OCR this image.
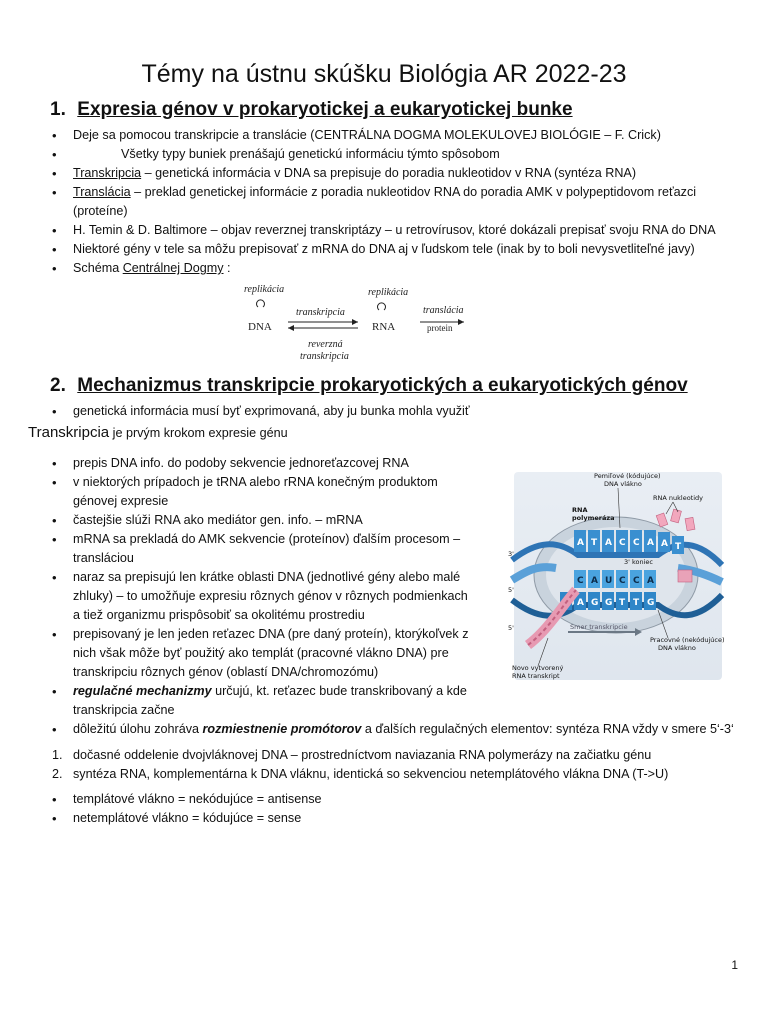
Témy na ústnu skúšku Biológia AR 2022-23
1. Expresia génov v prokaryotickej a eukaryotickej bunke
• Deje sa pomocou transkripcie a translácie (CENTRÁLNA DOGMA MOLEKULOVEJ BIOLÓGIE – F. Crick)
• Všetky typy buniek prenášajú genetickú informáciu týmto spôsobom
• Transkripcia – genetická informácia v DNA sa prepisuje do poradia nukleotidov v RNA (syntéza RNA)
• Translácia – preklad genetickej informácie z poradia nukleotidov RNA do poradia AMK v polypeptidovom reťazci (proteíne)
• H. Temin & D. Baltimore – objav reverznej transkriptázy – u retrovírusov, ktoré dokázali prepisať svoju RNA do DNA
• Niektoré gény v tele sa môžu prepisovať z mRNA do DNA aj v ľudskom tele (inak by to boli nevysvetliteľné javy)
• Schéma Centrálnej Dogmy :
replikácia	replikácia
transkripcia	translácia
reverzná
transkripcia
DNA	RNA	protein
2. Mechanizmus transkripcie prokaryotických a eukaryotických génov
• genetická informácia musí byť exprimovaná, aby ju bunka mohla využiť
Transkripcia je prvým krokom expresie génu
• prepis DNA info. do podoby sekvencie jednoreťazcovej RNA
• v niektorých prípadoch je tRNA alebo rRNA konečným produktom génovej expresie
• častejšie slúži RNA ako mediátor gen. info. – mRNA
• mRNA sa prekladá do AMK sekvencie (proteínov) ďalším procesom – transláciou
• naraz sa prepisujú len krátke oblasti DNA (jednotlivé gény alebo malé zhluky) – to umožňuje expresiu rôznych génov v rôznych podmienkach a tiež organizmu prispôsobiť sa okolitému prostrediu
• prepisovaný je len jeden reťazec DNA (pre daný proteín), ktorýkoľvek z nich však môže byť použitý ako templát (pracovné vlákno DNA) pre transkripciu rôznych génov (oblastí DNA/chromozómu)
• regulačné mechanizmy určujú, kt. reťazec bude transkribovaný a kde transkripcia začne
• dôležitú úlohu zohráva rozmiestnenie promótorov a ďalších regulačných elementov: syntéza RNA vždy v smere 5‘-3‘
1. dočasné oddelenie dvojvláknovej DNA – prostredníctvom naviazania RNA polymerázy na začiatku génu
2. syntéza RNA, komplementárna k DNA vláknu, identická so sekvenciou netemplátového vlákna DNA (T->U)
• templátové vlákno = nekódujúce = antisense
• netemplátové vlákno = kódujúce = sense
A T A C C A A T
C A U C C A
T A G G T T G
Pemiľové (kódujúce)
DNA vlákno
RNA nukleotidy
RNA
polymeráza
3' koniec
3'
5'
5'	Smer transkripcie
Pracovné (nekódujúce)
DNA vlákno
Novo vytvorený
RNA transkript
1
